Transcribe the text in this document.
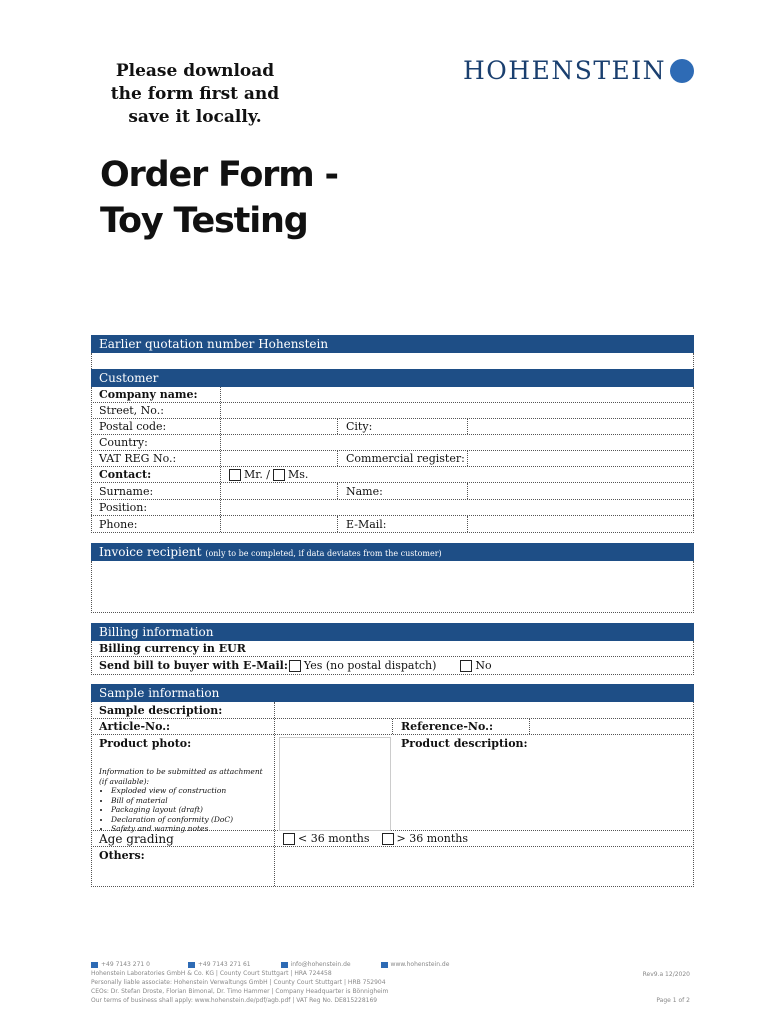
Please download
the form first and
save it locally.
HOHENSTEIN
Order Form -
Toy Testing
Earlier quotation number Hohenstein
Customer
Company name:
Street, No.:
Postal code:	City:
Country:
VAT REG No.:	Commercial register:
Contact:	Mr. / Ms.
Surname:	Name:
Position:
Phone:	E-Mail:
Invoice recipient (only to be completed, if data deviates from the customer)
Billing information
Billing currency in EUR
Send bill to buyer with E-Mail: Yes (no postal dispatch)	No
Sample information
Sample description:
Article-No.:	Reference-No.:
Product photo:
Information to be submitted as attachment
(if available):
• Exploded view of construction
• Bill of material
• Packaging layout (draft)
• Declaration of conformity (DoC)
• Safety and warning notes
Product description:
Age grading	< 36 months > 36 months
Others:
+49 7143 271 0	+49 7143 271 61	info@hohenstein.de	www.hohenstein.de
Hohenstein Laboratories GmbH & Co. KG | County Court Stuttgart | HRA 724458
Personally liable associate: Hohenstein Verwaltungs GmbH | County Court Stuttgart | HRB 752904
CEOs: Dr. Stefan Droste, Florian Bimonal, Dr. Timo Hammer | Company Headquarter is Bönnigheim
Our terms of business shall apply: www.hohenstein.de/pdf/agb.pdf | VAT Reg No. DE815228169
Rev9.a 12/2020
Page 1 of 2
